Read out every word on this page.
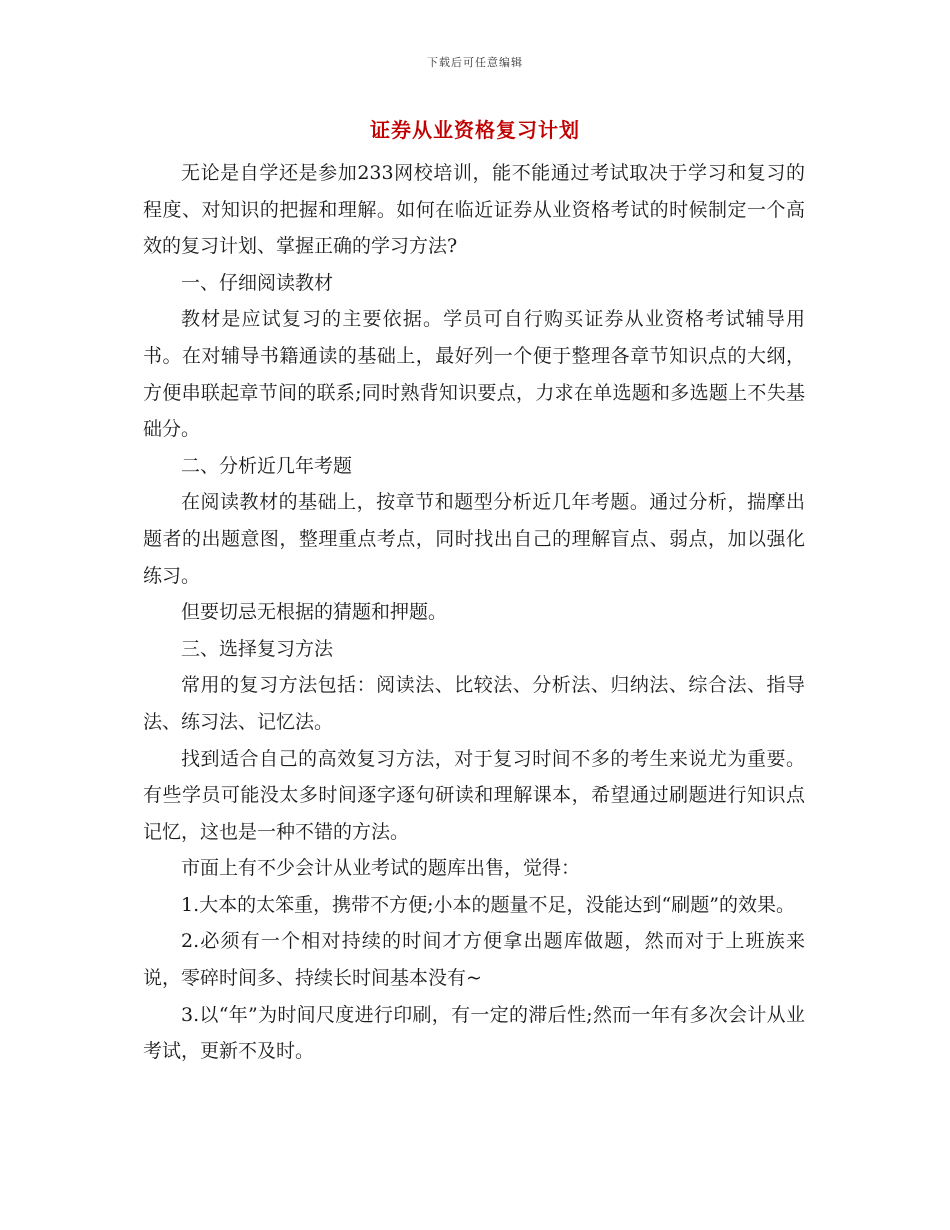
下载后可任意编辑
证券从业资格复习计划

无论是自学还是参加233网校培训，能不能通过考试取决于学习和复习的程度、对知识的把握和理解。如何在临近证券从业资格考试的时候制定一个高效的复习计划、掌握正确的学习方法?

一、仔细阅读教材

教材是应试复习的主要依据。学员可自行购买证券从业资格考试辅导用书。在对辅导书籍通读的基础上，最好列一个便于整理各章节知识点的大纲，方便串联起章节间的联系;同时熟背知识要点，力求在单选题和多选题上不失基础分。

二、分析近几年考题

在阅读教材的基础上，按章节和题型分析近几年考题。通过分析，揣摩出题者的出题意图，整理重点考点，同时找出自己的理解盲点、弱点，加以强化练习。

但要切忌无根据的猜题和押题。

三、选择复习方法

常用的复习方法包括：阅读法、比较法、分析法、归纳法、综合法、指导法、练习法、记忆法。

找到适合自己的高效复习方法，对于复习时间不多的考生来说尤为重要。有些学员可能没太多时间逐字逐句研读和理解课本，希望通过刷题进行知识点记忆，这也是一种不错的方法。

市面上有不少会计从业考试的题库出售，觉得：

1.大本的太笨重，携带不方便;小本的题量不足，没能达到“刷题”的效果。

2.必须有一个相对持续的时间才方便拿出题库做题，然而对于上班族来说，零碎时间多、持续长时间基本没有~

3.以“年”为时间尺度进行印刷，有一定的滞后性;然而一年有多次会计从业考试，更新不及时。
